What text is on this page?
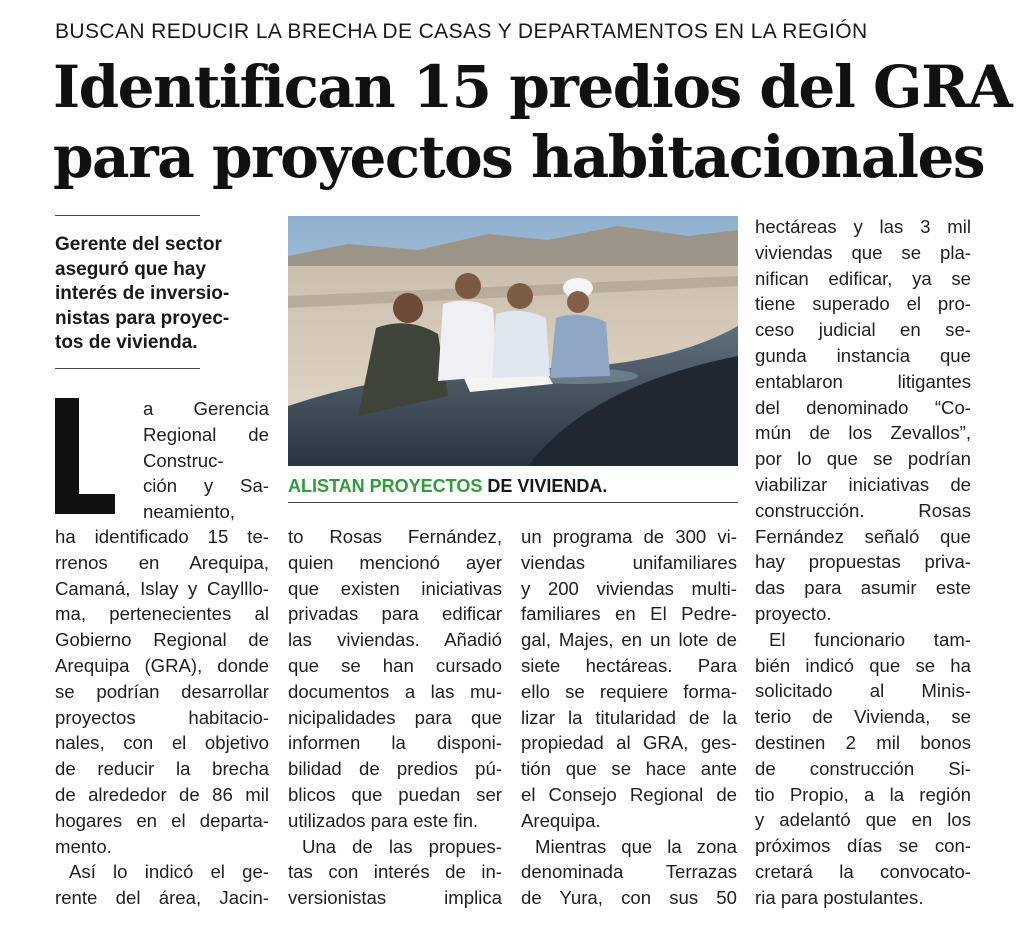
BUSCAN REDUCIR LA BRECHA DE CASAS Y DEPARTAMENTOS EN LA REGIÓN
Identifican 15 predios del GRA
para proyectos habitacionales
Gerente del sector
aseguró que hay
interés de inversio-
nistas para proyec-
tos de vivienda.
ALISTAN PROYECTOS DE VIVIENDA.
a Gerencia
Regional de
Construc-
ción y Sa-
neamiento,
ha identificado 15 te-
rrenos en Arequipa,
Camaná, Islay y Caylllo-
ma, pertenecientes al
Gobierno Regional de
Arequipa (GRA), donde
se podrían desarrollar
proyectos habitacio-
nales, con el objetivo
de reducir la brecha
de alrededor de 86 mil
hogares en el departa-
mento.
Así lo indicó el ge-
rente del área, Jacin-
to Rosas Fernández,
quien mencionó ayer
que existen iniciativas
privadas para edificar
las viviendas. Añadió
que se han cursado
documentos a las mu-
nicipalidades para que
informen la disponi-
bilidad de predios pú-
blicos que puedan ser
utilizados para este fin.
Una de las propues-
tas con interés de in-
versionistas implica
un programa de 300 vi-
viendas unifamiliares
y 200 viviendas multi-
familiares en El Pedre-
gal, Majes, en un lote de
siete hectáreas. Para
ello se requiere forma-
lizar la titularidad de la
propiedad al GRA, ges-
tión que se hace ante
el Consejo Regional de
Arequipa.
Mientras que la zona
denominada Terrazas
de Yura, con sus 50
hectáreas y las 3 mil
viviendas que se pla-
nifican edificar, ya se
tiene superado el pro-
ceso judicial en se-
gunda instancia que
entablaron litigantes
del denominado “Co-
mún de los Zevallos”,
por lo que se podrían
viabilizar iniciativas de
construcción. Rosas
Fernández señaló que
hay propuestas priva-
das para asumir este
proyecto.
El funcionario tam-
bién indicó que se ha
solicitado al Minis-
terio de Vivienda, se
destinen 2 mil bonos
de construcción Si-
tio Propio, a la región
y adelantó que en los
próximos días se con-
cretará la convocato-
ria para postulantes.
